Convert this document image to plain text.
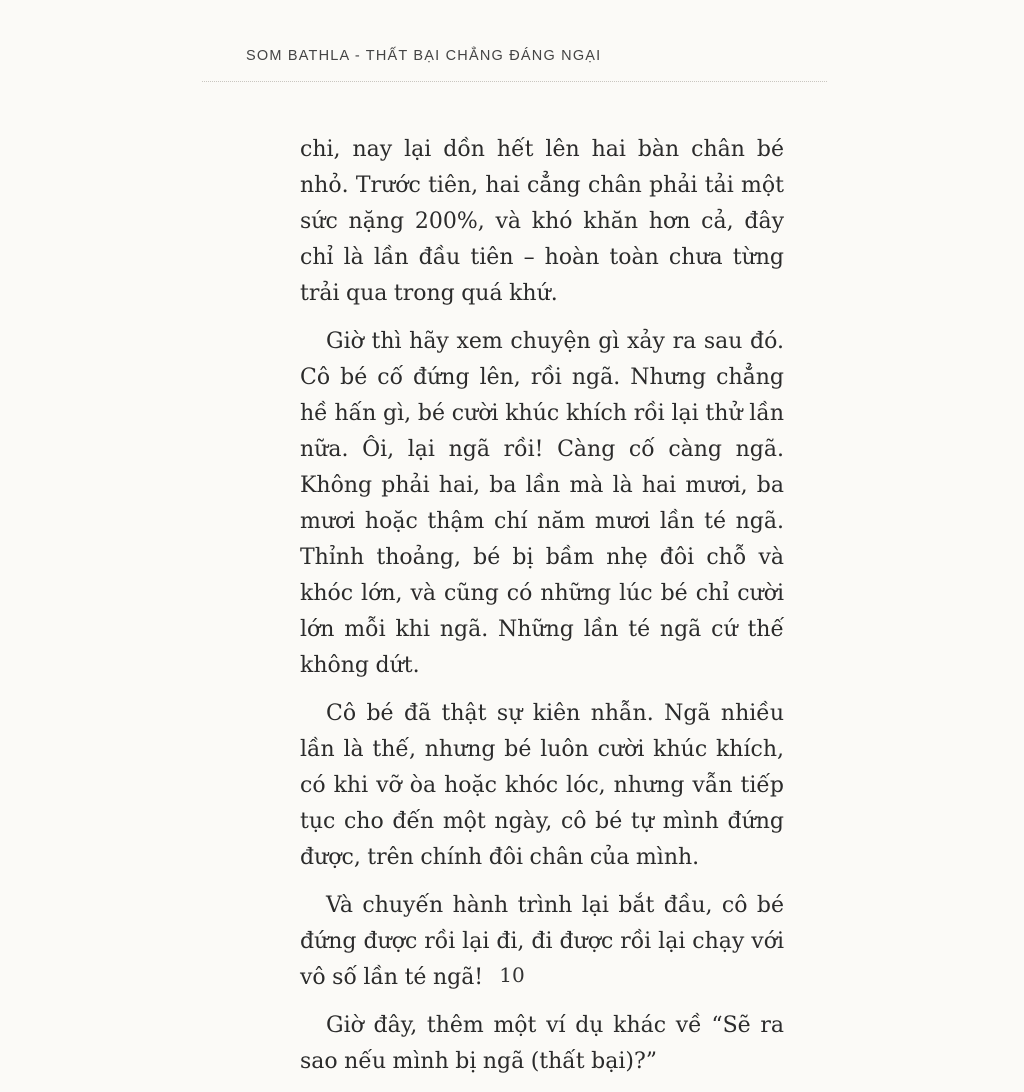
SOM BATHLA - THẤT BẠI CHẲNG ĐÁNG NGẠI

chi, nay lại dồn hết lên hai bàn chân bé nhỏ. Trước tiên, hai cẳng chân phải tải một sức nặng 200%, và khó khăn hơn cả, đây chỉ là lần đầu tiên – hoàn toàn chưa từng trải qua trong quá khứ.

Giờ thì hãy xem chuyện gì xảy ra sau đó. Cô bé cố đứng lên, rồi ngã. Nhưng chẳng hề hấn gì, bé cười khúc khích rồi lại thử lần nữa. Ôi, lại ngã rồi! Càng cố càng ngã. Không phải hai, ba lần mà là hai mươi, ba mươi hoặc thậm chí năm mươi lần té ngã. Thỉnh thoảng, bé bị bầm nhẹ đôi chỗ và khóc lớn, và cũng có những lúc bé chỉ cười lớn mỗi khi ngã. Những lần té ngã cứ thế không dứt.

Cô bé đã thật sự kiên nhẫn. Ngã nhiều lần là thế, nhưng bé luôn cười khúc khích, có khi vỡ òa hoặc khóc lóc, nhưng vẫn tiếp tục cho đến một ngày, cô bé tự mình đứng được, trên chính đôi chân của mình.

Và chuyến hành trình lại bắt đầu, cô bé đứng được rồi lại đi, đi được rồi lại chạy với vô số lần té ngã!

Giờ đây, thêm một ví dụ khác về “Sẽ ra sao nếu mình bị ngã (thất bại)?”

10
